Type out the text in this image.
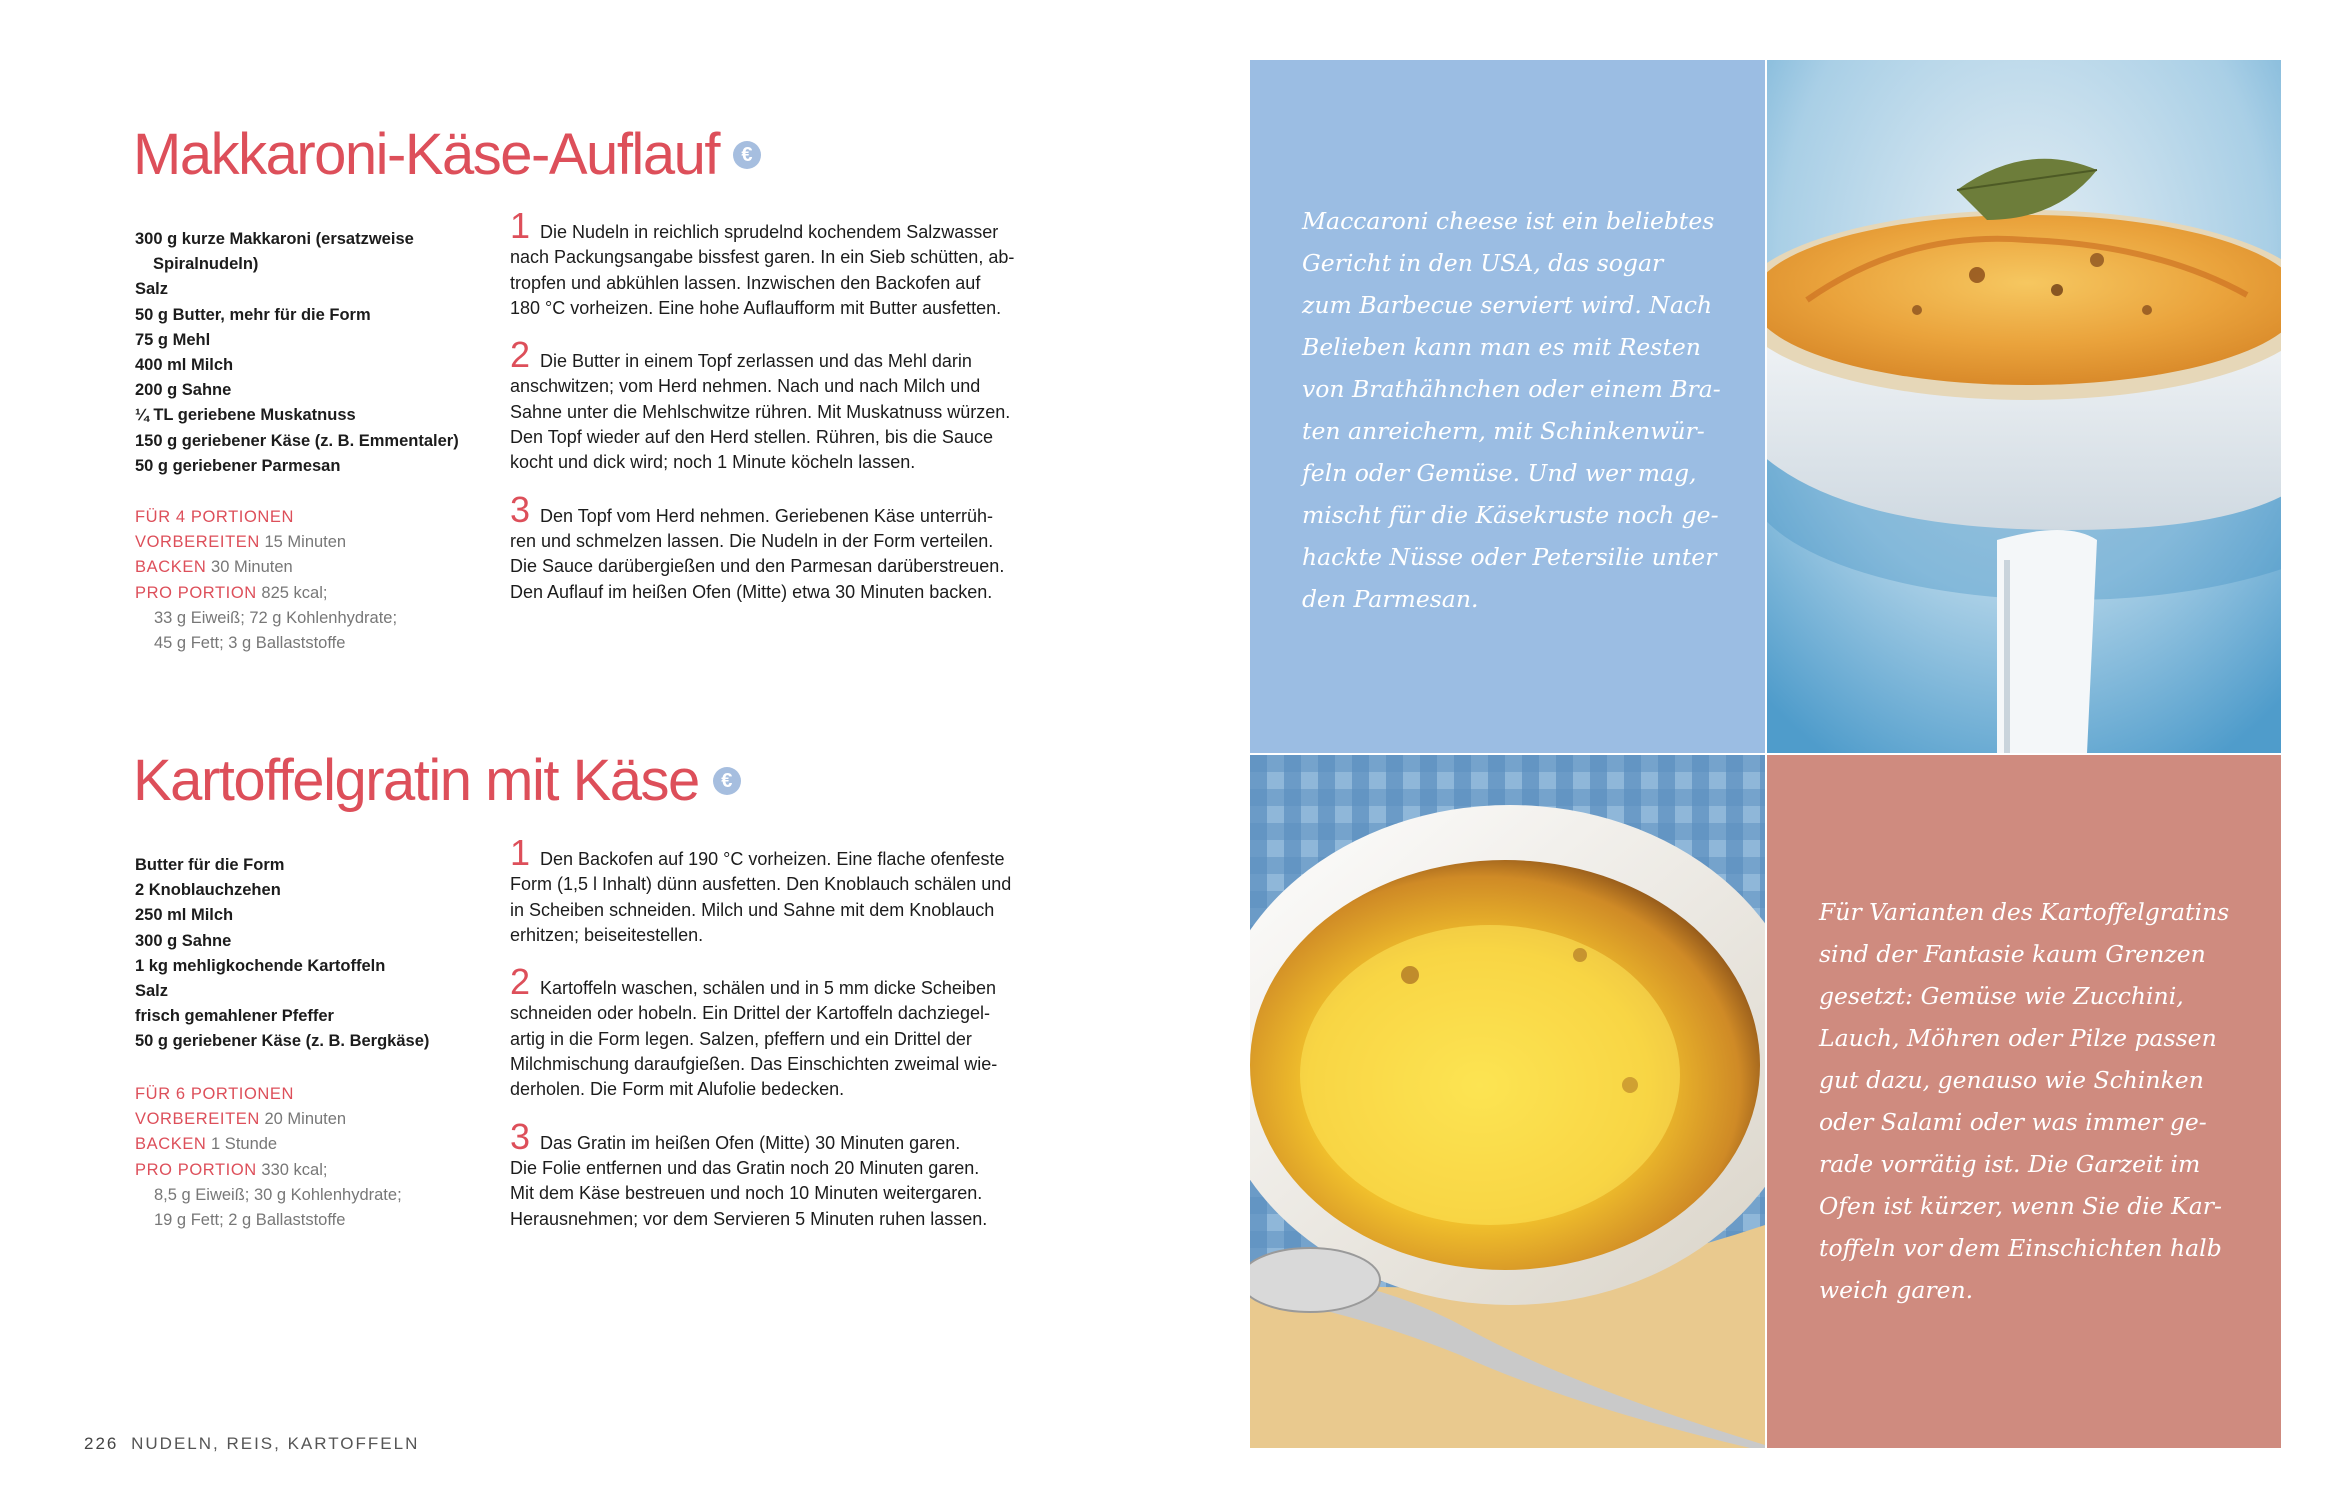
Makkaroni-Käse-Auflauf €
300 g kurze Makkaroni (ersatzweise
Spiralnudeln)
Salz
50 g Butter, mehr für die Form
75 g Mehl
400 ml Milch
200 g Sahne
¼ TL geriebene Muskatnuss
150 g geriebener Käse (z. B. Emmentaler)
50 g geriebener Parmesan
FÜR 4 PORTIONEN
VORBEREITEN 15 Minuten
BACKEN 30 Minuten
PRO PORTION 825 kcal;
33 g Eiweiß; 72 g Kohlenhydrate;
45 g Fett; 3 g Ballaststoffe
1 Die Nudeln in reichlich sprudelnd kochendem Salzwasser
nach Packungsangabe bissfest garen. In ein Sieb schütten, ab-
tropfen und abkühlen lassen. Inzwischen den Backofen auf
180 °C vorheizen. Eine hohe Auflaufform mit Butter ausfetten.
2 Die Butter in einem Topf zerlassen und das Mehl darin
anschwitzen; vom Herd nehmen. Nach und nach Milch und
Sahne unter die Mehlschwitze rühren. Mit Muskatnuss würzen.
Den Topf wieder auf den Herd stellen. Rühren, bis die Sauce
kocht und dick wird; noch 1 Minute köcheln lassen.
3 Den Topf vom Herd nehmen. Geriebenen Käse unterrüh-
ren und schmelzen lassen. Die Nudeln in der Form verteilen.
Die Sauce darübergießen und den Parmesan darüberstreuen.
Den Auflauf im heißen Ofen (Mitte) etwa 30 Minuten backen.
Kartoffelgratin mit Käse €
Butter für die Form
2 Knoblauchzehen
250 ml Milch
300 g Sahne
1 kg mehligkochende Kartoffeln
Salz
frisch gemahlener Pfeffer
50 g geriebener Käse (z. B. Bergkäse)
FÜR 6 PORTIONEN
VORBEREITEN 20 Minuten
BACKEN 1 Stunde
PRO PORTION 330 kcal;
8,5 g Eiweiß; 30 g Kohlenhydrate;
19 g Fett; 2 g Ballaststoffe
1 Den Backofen auf 190 °C vorheizen. Eine flache ofenfeste
Form (1,5 l Inhalt) dünn ausfetten. Den Knoblauch schälen und
in Scheiben schneiden. Milch und Sahne mit dem Knoblauch
erhitzen; beiseitestellen.
2 Kartoffeln waschen, schälen und in 5 mm dicke Scheiben
schneiden oder hobeln. Ein Drittel der Kartoffeln dachziegel-
artig in die Form legen. Salzen, pfeffern und ein Drittel der
Milchmischung daraufgießen. Das Einschichten zweimal wie-
derholen. Die Form mit Alufolie bedecken.
3 Das Gratin im heißen Ofen (Mitte) 30 Minuten garen.
Die Folie entfernen und das Gratin noch 20 Minuten garen.
Mit dem Käse bestreuen und noch 10 Minuten weitergaren.
Herausnehmen; vor dem Servieren 5 Minuten ruhen lassen.
226 NUDELN, REIS, KARTOFFELN
Maccaroni cheese ist ein beliebtes
Gericht in den USA, das sogar
zum Barbecue serviert wird. Nach
Belieben kann man es mit Resten
von Brathähnchen oder einem Bra-
ten anreichern, mit Schinkenwür-
feln oder Gemüse. Und wer mag,
mischt für die Käsekruste noch ge-
hackte Nüsse oder Petersilie unter
den Parmesan.
Für Varianten des Kartoffelgratins
sind der Fantasie kaum Grenzen
gesetzt: Gemüse wie Zucchini,
Lauch, Möhren oder Pilze passen
gut dazu, genauso wie Schinken
oder Salami oder was immer ge-
rade vorrätig ist. Die Garzeit im
Ofen ist kürzer, wenn Sie die Kar-
toffeln vor dem Einschichten halb
weich garen.
